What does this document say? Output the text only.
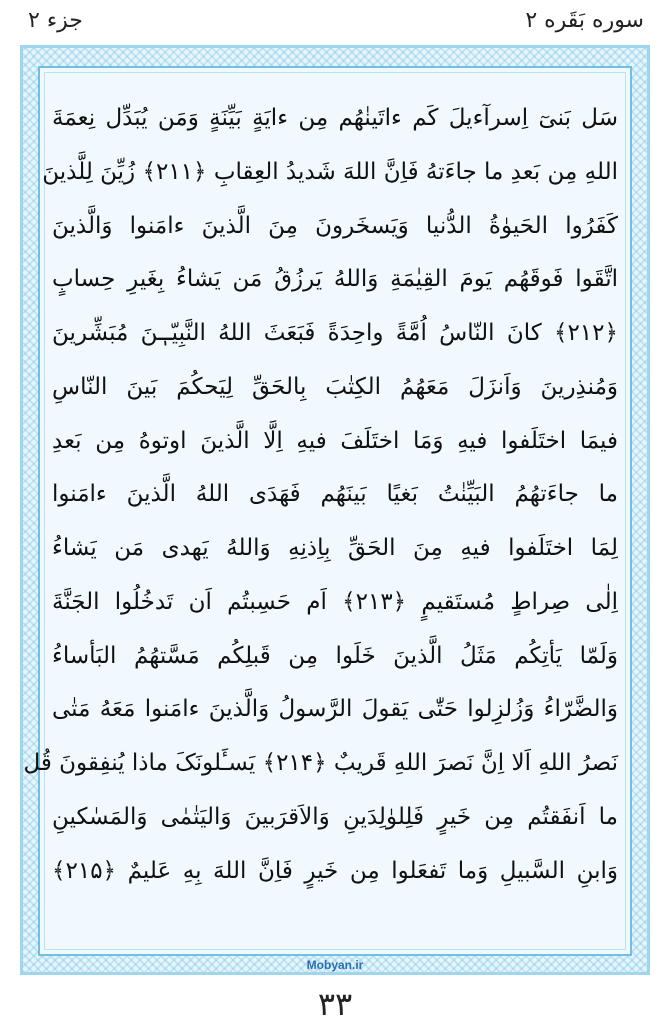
جزء ۲	سوره بَقَره ۲
سَل بَنیٓ اِسرآءیلَ کَم ءاتَینٰهُم مِن ءایَةٍ بَیِّنَةٍ وَمَن یُبَدِّل نِعمَةَ
اللهِ مِن بَعدِ ما جاءَتهُ فَاِنَّ اللهَ شَدیدُ العِقابِ ﴿۲۱۱﴾ زُیِّنَ لِلَّذینَ
کَفَرُوا الحَیوٰةُ الدُّنیا وَیَسخَرونَ مِنَ الَّذینَ ءامَنوا وَالَّذینَ
اتَّقَوا فَوقَهُم یَومَ القِیٰمَةِ وَاللهُ یَرزُقُ مَن یَشاءُ بِغَیرِ حِسابٍ
﴿۲۱۲﴾ کانَ النّاسُ اُمَّةً واحِدَةً فَبَعَثَ اللهُ النَّبِیّـٖنَ مُبَشِّرینَ
وَمُنذِرینَ وَاَنزَلَ مَعَهُمُ الکِتٰبَ بِالحَقِّ لِیَحکُمَ بَینَ النّاسِ
فیمَا اختَلَفوا فیهِ وَمَا اختَلَفَ فیهِ اِلَّا الَّذینَ اوتوهُ مِن بَعدِ
ما جاءَتهُمُ البَیِّنٰتُ بَغیًا بَینَهُم فَهَدَی اللهُ الَّذینَ ءامَنوا
لِمَا اختَلَفوا فیهِ مِنَ الحَقِّ بِاِذنِهِ وَاللهُ یَهدی مَن یَشاءُ
اِلٰی صِراطٍ مُستَقیمٍ ﴿۲۱۳﴾ اَم حَسِبتُم اَن تَدخُلُوا الجَنَّةَ
وَلَمّا یَأتِکُم مَثَلُ الَّذینَ خَلَوا مِن قَبلِکُم مَسَّتهُمُ البَأساءُ
وَالضَّرّاءُ وَزُلزِلوا حَتّٰی یَقولَ الرَّسولُ وَالَّذینَ ءامَنوا مَعَهُ مَتٰی
نَصرُ اللهِ اَلا اِنَّ نَصرَ اللهِ قَریبٌ ﴿۲۱۴﴾ یَسـَٔلونَکَ ماذا یُنفِقونَ قُل
ما اَنفَقتُم مِن خَیرٍ فَلِلوٰلِدَینِ وَالاَقرَبینَ وَالیَتٰمٰی وَالمَسٰکینِ
وَابنِ السَّبیلِ وَما تَفعَلوا مِن خَیرٍ فَاِنَّ اللهَ بِهِ عَلیمٌ ﴿۲۱۵﴾
Mobyan.ir
۳۳
